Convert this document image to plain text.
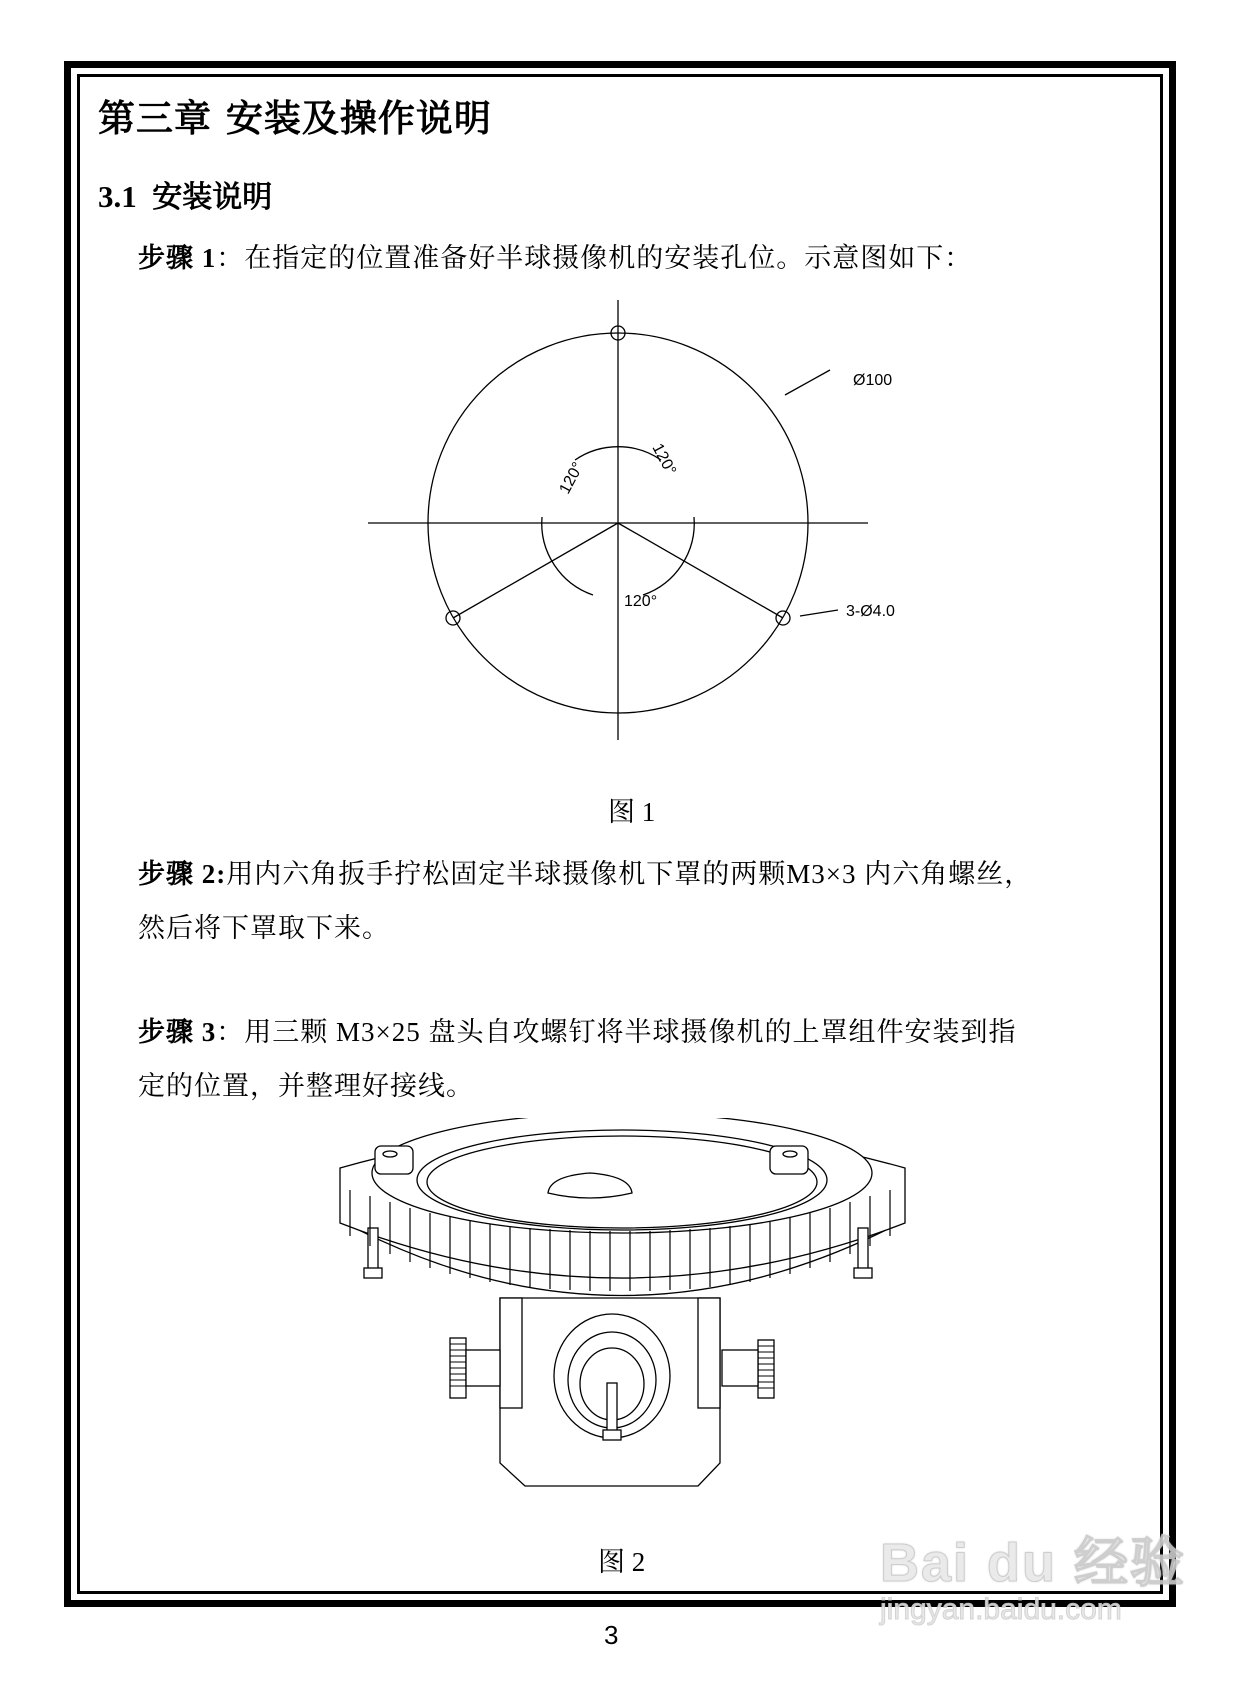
第三章 安装及操作说明
3.1 安装说明
步骤 1：在指定的位置准备好半球摄像机的安装孔位。示意图如下：
Ø100
3-Ø4.0
120°
120°
120°
图 1
步骤 2:用内六角扳手拧松固定半球摄像机下罩的两颗M3×3 内六角螺丝，
然后将下罩取下来。
步骤 3：用三颗 M3×25 盘头自攻螺钉将半球摄像机的上罩组件安装到指
定的位置，并整理好接线。
图 2
3
Bai du 经验
jingyan.baidu.com
